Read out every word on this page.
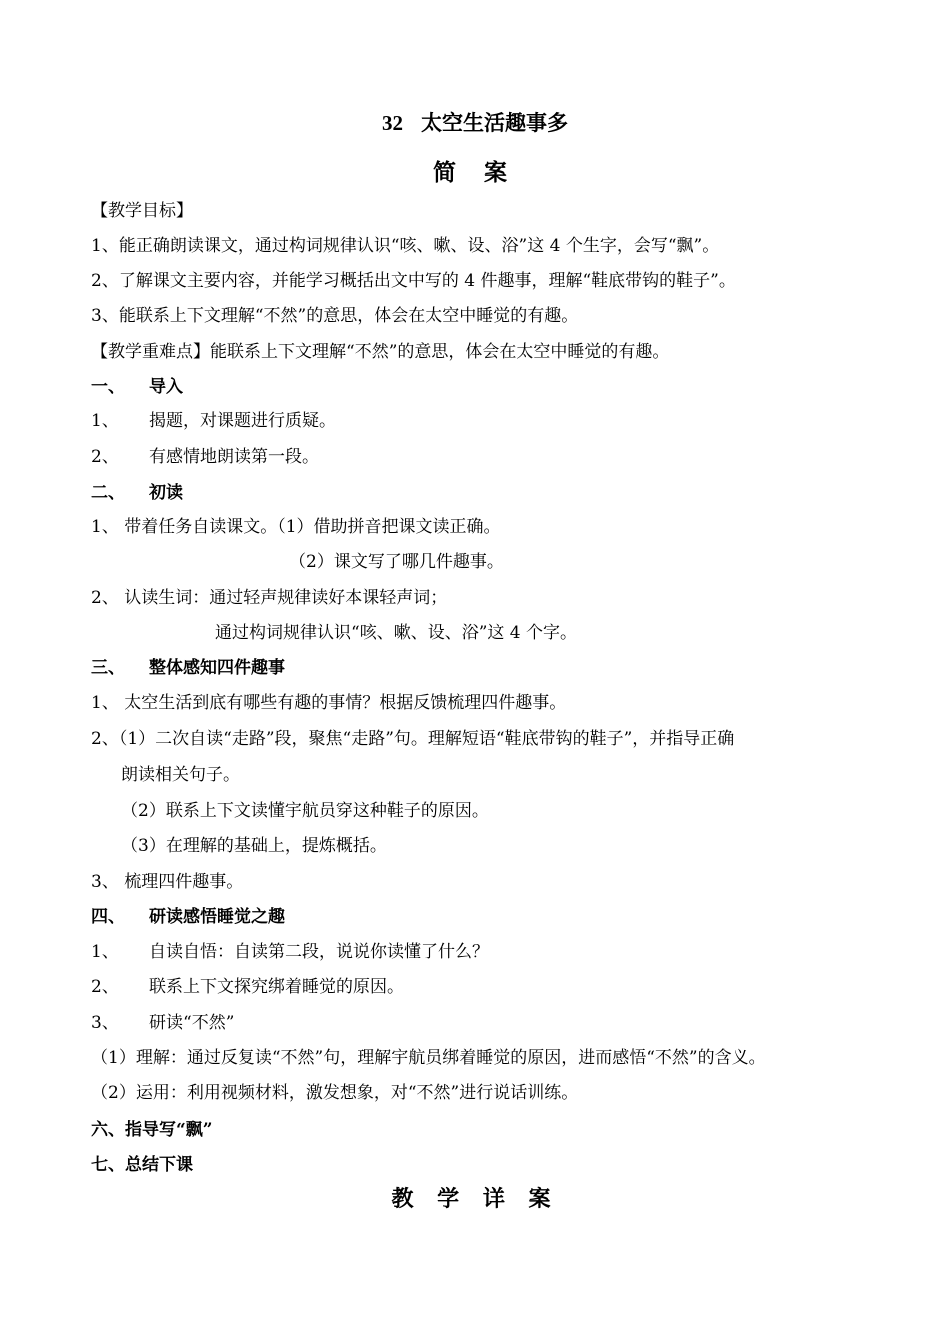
32 太空生活趣事多
简 案
【教学目标】
1、能正确朗读课文，通过构词规律认识“咳、嗽、设、浴”这 4 个生字，会写“飘”。
2、了解课文主要内容，并能学习概括出文中写的 4 件趣事，理解“鞋底带钩的鞋子”。
3、能联系上下文理解“不然”的意思，体会在太空中睡觉的有趣。
【教学重难点】能联系上下文理解“不然”的意思，体会在太空中睡觉的有趣。
一、 导入
1、 揭题，对课题进行质疑。
2、 有感情地朗读第一段。
二、 初读
1、 带着任务自读课文。（1）借助拼音把课文读正确。
（2）课文写了哪几件趣事。
2、 认读生词：通过轻声规律读好本课轻声词；
通过构词规律认识“咳、嗽、设、浴”这 4 个字。
三、 整体感知四件趣事
1、 太空生活到底有哪些有趣的事情？根据反馈梳理四件趣事。
2、（1）二次自读“走路”段，聚焦“走路”句。理解短语“鞋底带钩的鞋子”，并指导正确
朗读相关句子。
（2）联系上下文读懂宇航员穿这种鞋子的原因。
（3）在理解的基础上，提炼概括。
3、 梳理四件趣事。
四、 研读感悟睡觉之趣
1、 自读自悟：自读第二段，说说你读懂了什么？
2、 联系上下文探究绑着睡觉的原因。
3、 研读“不然”
（1）理解：通过反复读“不然”句，理解宇航员绑着睡觉的原因，进而感悟“不然”的含义。
（2）运用：利用视频材料，激发想象，对“不然”进行说话训练。
六、指导写“飘”
七、总结下课
教 学 详 案
